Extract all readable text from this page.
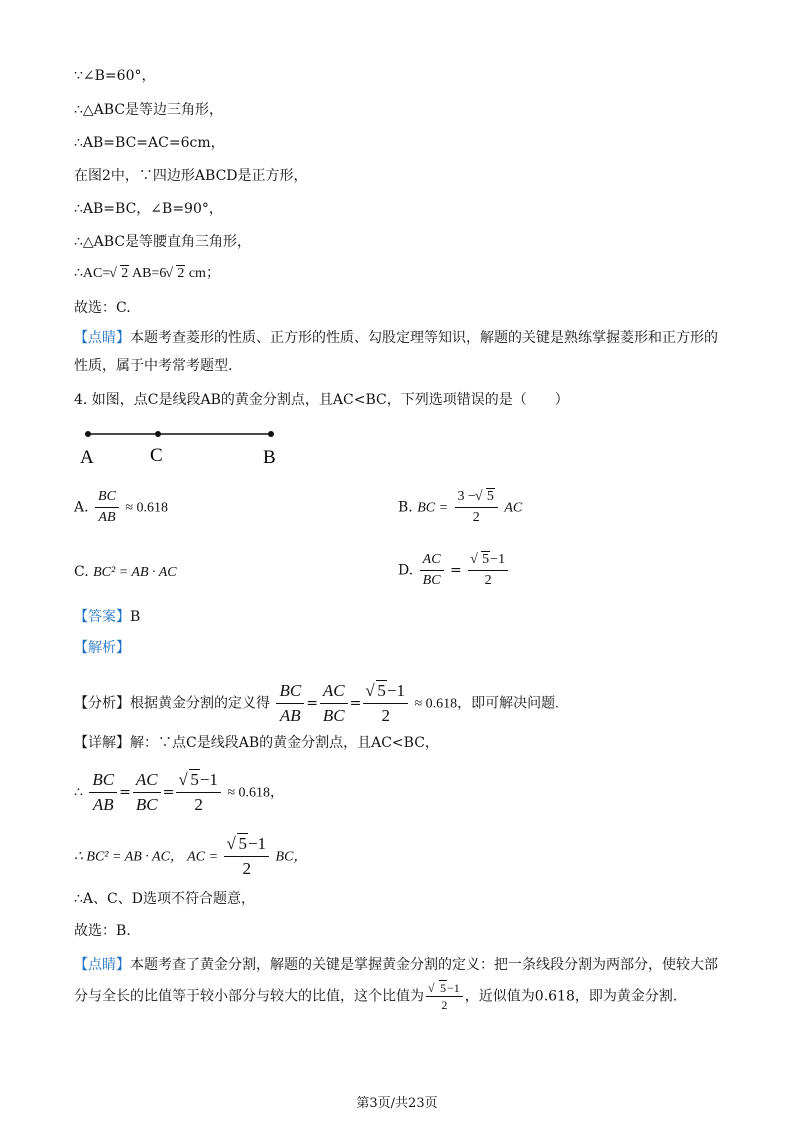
∵∠B=60°，
∴△ABC是等边三角形，
∴AB=BC=AC=6cm，
在图2中，∵四边形ABCD是正方形，
∴AB=BC，∠B=90°，
∴△ABC是等腰直角三角形，
∴AC= √ 2 AB=6 √ 2 cm；
故选：C.
【点睛】本题考查菱形的性质、正方形的性质、勾股定理等知识，解题的关键是熟练掌握菱形和正方形的
性质，属于中考常考题型.
4. 如图，点C是线段AB的黄金分割点，且AC<BC，下列选项错误的是（　　）
A	C	B
A. $\frac{BC}{AB} \approx 0.618$	B. BC = $\frac{3 - √ 5}{2}$ AC
C. BC² = AB · AC	D. $\frac{AC}{BC}$ = √ $\frac{5-1}{2}$
【答案】B
【解析】
【分析】根据黄金分割的定义得 $\frac{BC}{AB} = \frac{AC}{BC}$ = √ $\frac{5-1}{2} \approx 0.618$，即可解决问题.
【详解】解：∵点C是线段AB的黄金分割点，且AC<BC，
∴ $\frac{BC}{AB} = \frac{AC}{BC}$ = √ $\frac{5-1}{2} \approx 0.618$，
∴ BC² = AB · AC， AC = √ $\frac{5-1}{2}$ BC，
∴A、C、D选项不符合题意，
故选：B.
【点睛】本题考查了黄金分割，解题的关键是掌握黄金分割的定义：把一条线段分割为两部分，使较大部
分与全长的比值等于较小部分与较大的比值，这个比值为 √ $\frac{5-1}{2}$ ，近似值为0.618，即为黄金分割.
第3页/共23页
